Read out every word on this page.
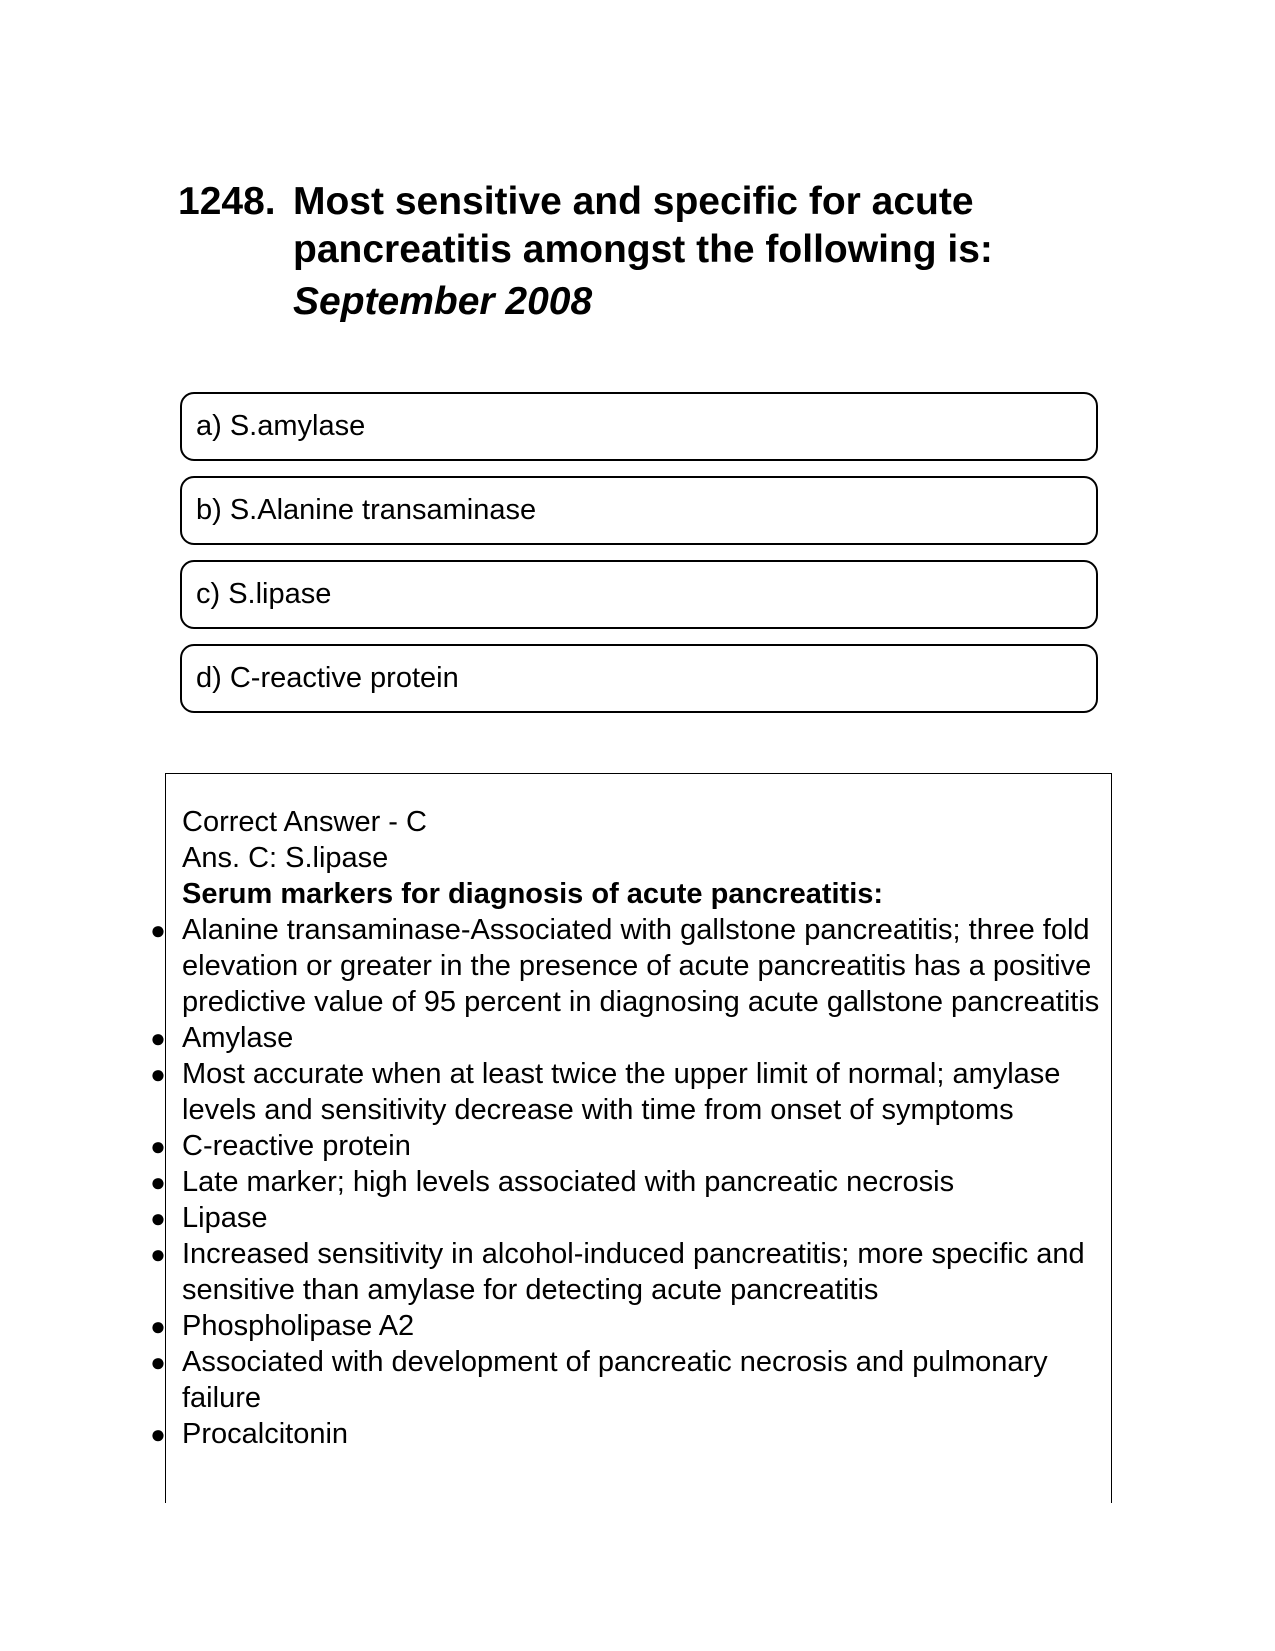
1248. Most sensitive and specific for acute pancreatitis amongst the following is:
September 2008
a) S.amylase
b) S.Alanine transaminase
c) S.lipase
d) C-reactive protein
Correct Answer - C
Ans. C: S.lipase
Serum markers for diagnosis of acute pancreatitis:
● Alanine transaminase-Associated with gallstone pancreatitis; three fold elevation or greater in the presence of acute pancreatitis has a positive predictive value of 95 percent in diagnosing acute gallstone pancreatitis
● Amylase
● Most accurate when at least twice the upper limit of normal; amylase levels and sensitivity decrease with time from onset of symptoms
● C-reactive protein
● Late marker; high levels associated with pancreatic necrosis
● Lipase
● Increased sensitivity in alcohol-induced pancreatitis; more specific and sensitive than amylase for detecting acute pancreatitis
● Phospholipase A2
● Associated with development of pancreatic necrosis and pulmonary failure
● Procalcitonin
